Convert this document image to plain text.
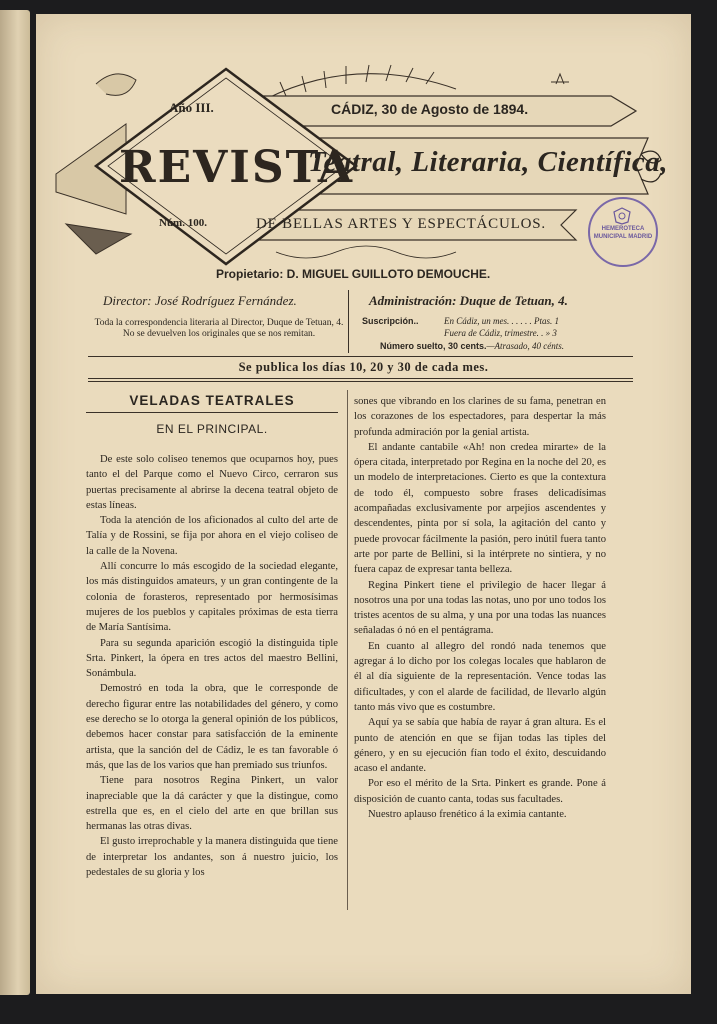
Año III.	CÁDIZ, 30 de Agosto de 1894.
REVISTA
Teatral, Literaria, Científica,
Núm. 100.	DE BELLAS ARTES Y ESPECTÁCULOS.
Propietario: D. MIGUEL GUILLOTO DEMOUCHE.
HEMEROTECA MUNICIPAL MADRID
Director: José Rodríguez Fernández.
Toda la correspondencia literaria al Director, Duque de Tetuan, 4.
No se devuelven los originales que se nos remitan.
Administración: Duque de Tetuan, 4.
Suscripción..	En Cádiz, un mes. . . . . . Ptas. 1
Fuera de Cádiz, trimestre. . » 3
Número suelto, 30 cents.—Atrasado, 40 cénts.
Se publica los días 10, 20 y 30 de cada mes.
VELADAS TEATRALES
EN EL PRINCIPAL.

De este solo coliseo tenemos que ocuparnos hoy, pues tanto el del Parque como el Nuevo Circo, cerraron sus puertas precisamente al abrirse la decena teatral objeto de estas líneas.

Toda la atención de los aficionados al culto del arte de Talía y de Rossini, se fija por ahora en el viejo coliseo de la calle de la Novena.

Allí concurre lo más escogido de la sociedad elegante, los más distinguidos amateurs, y un gran contingente de la colonia de forasteros, representado por hermosísimas mujeres de los pueblos y capitales próximas de esta tierra de María Santísima.

Para su segunda aparición escogió la distinguida tiple Srta. Pinkert, la ópera en tres actos del maestro Bellini, Sonámbula.

Demostró en toda la obra, que le corresponde de derecho figurar entre las notabilidades del género, y como ese derecho se lo otorga la general opinión de los públicos, debemos hacer constar para satisfacción de la eminente artista, que la sanción del de Cádiz, le es tan favorable ó más, que las de los varios que han premiado sus triunfos.

Tiene para nosotros Regina Pinkert, un valor inapreciable que la dá carácter y que la distingue, como estrella que es, en el cielo del arte en que brillan sus hermanas las otras divas.

El gusto irreprochable y la manera distinguida que tiene de interpretar los andantes, son á nuestro juicio, los pedestales de su gloria y los

sones que vibrando en los clarines de su fama, penetran en los corazones de los espectadores, para despertar la más profunda admiración por la genial artista.

El andante cantabile «Ah! non credea mirarte» de la ópera citada, interpretado por Regina en la noche del 20, es un modelo de interpretaciones. Cierto es que la contextura de todo él, compuesto sobre frases delicadísimas acompañadas exclusivamente por arpejios ascendentes y descendentes, pinta por sí sola, la agitación del canto y puede provocar fácilmente la pasión, pero inútil fuera tanto arte por parte de Bellini, si la intérprete no sintiera, y no fuera capaz de expresar tanta belleza.

Regina Pinkert tiene el privilegio de hacer llegar á nosotros una por una todas las notas, uno por uno todos los tristes acentos de su alma, y una por una todas las nuances señaladas ó nó en el pentágrama.

En cuanto al allegro del rondó nada tenemos que agregar á lo dicho por los colegas locales que hablaron de él al día siguiente de la representación. Vence todas las dificultades, y con el alarde de facilidad, de llevarlo algún tanto más vivo que es costumbre.

Aquí ya se sabía que había de rayar á gran altura. Es el punto de atención en que se fijan todas las tiples del género, y en su ejecución fían todo el éxito, descuidando acaso el andante.

Por eso el mérito de la Srta. Pinkert es grande. Pone á disposición de cuanto canta, todas sus facultades.

Nuestro aplauso frenético á la eximia cantante.
